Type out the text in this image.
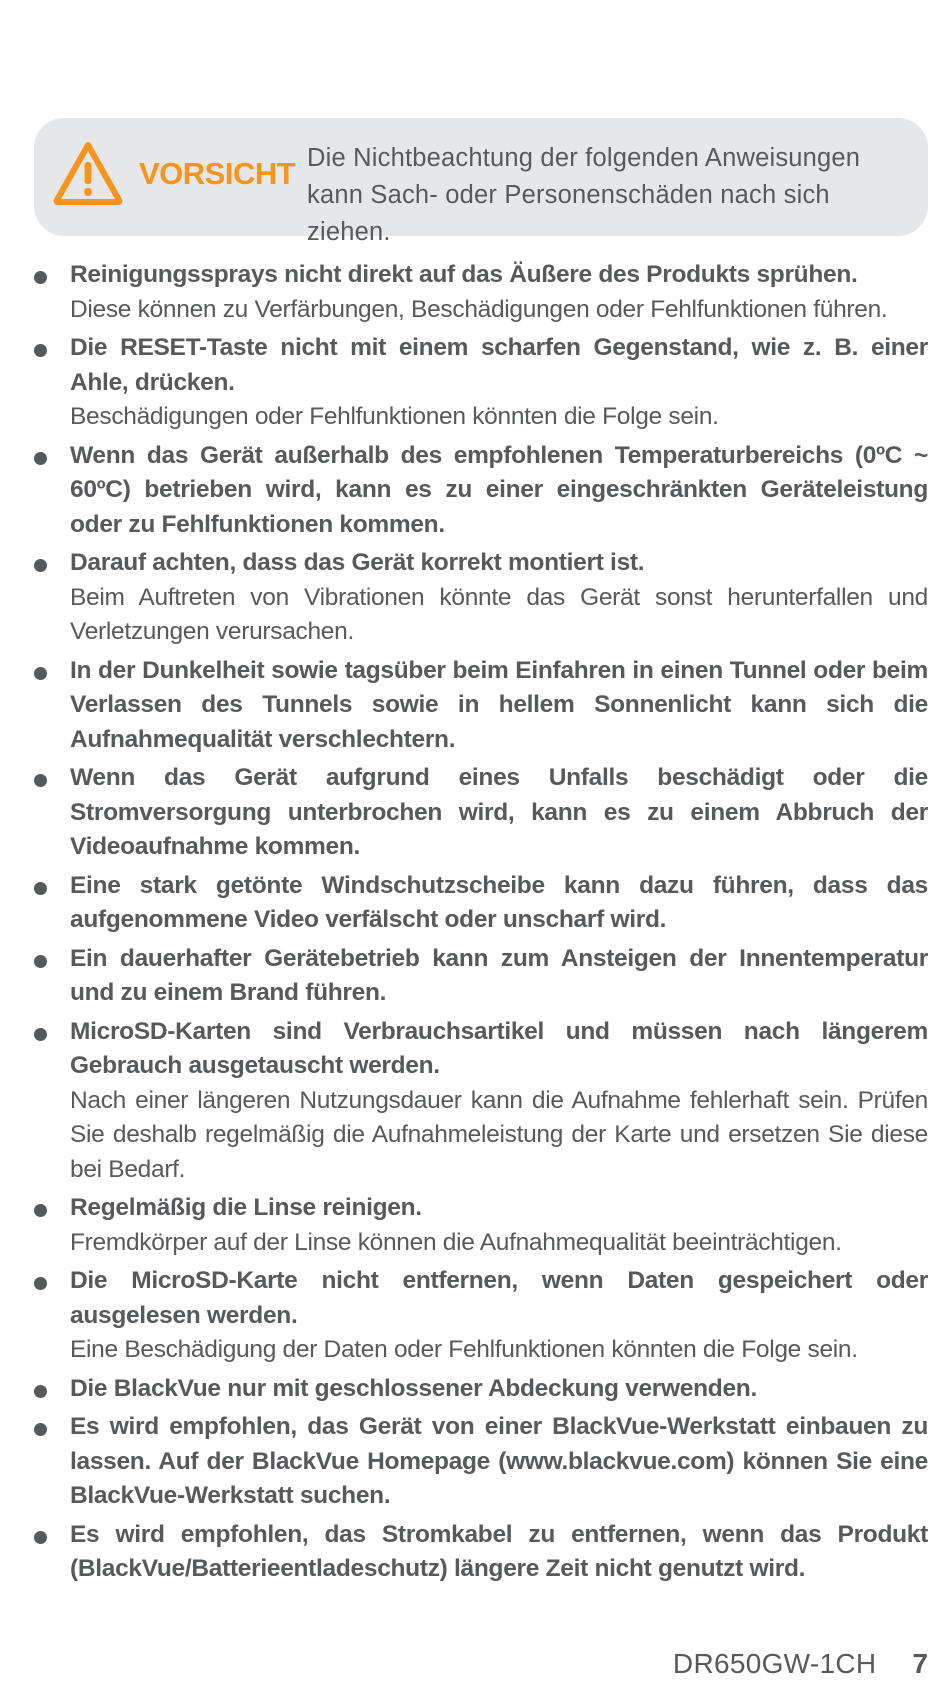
VORSICHT Die Nichtbeachtung der folgenden Anweisungen
kann Sach- oder Personenschäden nach sich ziehen.
Reinigungssprays nicht direkt auf das Äußere des Produkts sprühen.
Diese können zu Verfärbungen, Beschädigungen oder Fehlfunktionen führen.
Die RESET-Taste nicht mit einem scharfen Gegenstand, wie z. B. einer Ahle, drücken.
Beschädigungen oder Fehlfunktionen könnten die Folge sein.
Wenn das Gerät außerhalb des empfohlenen Temperaturbereichs (0ºC ~ 60ºC) betrieben wird, kann es zu einer eingeschränkten Geräteleistung oder zu Fehlfunktionen kommen.
Darauf achten, dass das Gerät korrekt montiert ist.
Beim Auftreten von Vibrationen könnte das Gerät sonst herunterfallen und Verletzungen verursachen.
In der Dunkelheit sowie tagsüber beim Einfahren in einen Tunnel oder beim Verlassen des Tunnels sowie in hellem Sonnenlicht kann sich die Aufnahmequalität verschlechtern.
Wenn das Gerät aufgrund eines Unfalls beschädigt oder die Stromversorgung unterbrochen wird, kann es zu einem Abbruch der Videoaufnahme kommen.
Eine stark getönte Windschutzscheibe kann dazu führen, dass das aufgenommene Video verfälscht oder unscharf wird.
Ein dauerhafter Gerätebetrieb kann zum Ansteigen der Innentemperatur und zu einem Brand führen.
MicroSD-Karten sind Verbrauchsartikel und müssen nach längerem Gebrauch ausgetauscht werden.
Nach einer längeren Nutzungsdauer kann die Aufnahme fehlerhaft sein. Prüfen Sie deshalb regelmäßig die Aufnahmeleistung der Karte und ersetzen Sie diese bei Bedarf.
Regelmäßig die Linse reinigen.
Fremdkörper auf der Linse können die Aufnahmequalität beeinträchtigen.
Die MicroSD-Karte nicht entfernen, wenn Daten gespeichert oder ausgelesen werden.
Eine Beschädigung der Daten oder Fehlfunktionen könnten die Folge sein.
Die BlackVue nur mit geschlossener Abdeckung verwenden.
Es wird empfohlen, das Gerät von einer BlackVue-Werkstatt einbauen zu lassen. Auf der BlackVue Homepage (www.blackvue.com) können Sie eine BlackVue-Werkstatt suchen.
Es wird empfohlen, das Stromkabel zu entfernen, wenn das Produkt (BlackVue/Batterieentladeschutz) längere Zeit nicht genutzt wird.
DR650GW-1CH 7
